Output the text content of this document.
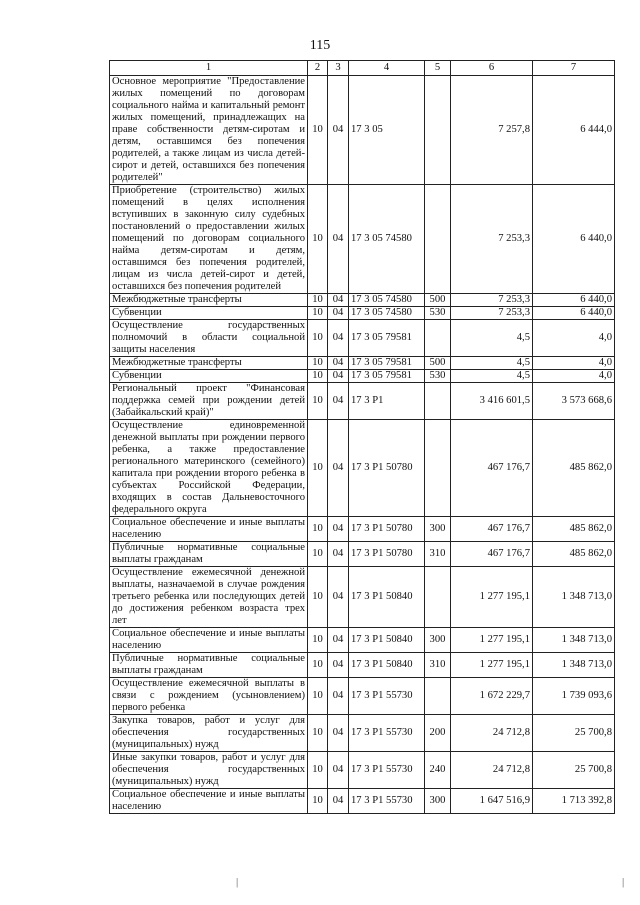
115
1	2	3	4	5	6	7
Основное мероприятие "Предоставление жилых помещений по договорам социального найма и капитальный ремонт жилых помещений, принадлежащих на праве собственности детям-сиротам и детям, оставшимся без попечения родителей, а также лицам из числа детей-сирот и детей, оставшихся без попечения родителей"	10	04	17 3 05		7 257,8	6 444,0
Приобретение (строительство) жилых помещений в целях исполнения вступивших в законную силу судебных постановлений о предоставлении жилых помещений по договорам социального найма детям-сиротам и детям, оставшимся без попечения родителей, лицам из числа детей-сирот и детей, оставшихся без попечения родителей	10	04	17 3 05 74580		7 253,3	6 440,0
Межбюджетные трансферты	10	04	17 3 05 74580	500	7 253,3	6 440,0
Субвенции	10	04	17 3 05 74580	530	7 253,3	6 440,0
Осуществление государственных полномочий в области социальной защиты населения	10	04	17 3 05 79581		4,5	4,0
Межбюджетные трансферты	10	04	17 3 05 79581	500	4,5	4,0
Субвенции	10	04	17 3 05 79581	530	4,5	4,0
Региональный проект "Финансовая поддержка семей при рождении детей (Забайкальский край)"	10	04	17 3 P1		3 416 601,5	3 573 668,6
Осуществление единовременной денежной выплаты при рождении первого ребенка, а также предоставление регионального материнского (семейного) капитала при рождении второго ребенка в субъектах Российской Федерации, входящих в состав Дальневосточного федерального округа	10	04	17 3 P1 50780		467 176,7	485 862,0
Социальное обеспечение и иные выплаты населению	10	04	17 3 P1 50780	300	467 176,7	485 862,0
Публичные нормативные социальные выплаты гражданам	10	04	17 3 P1 50780	310	467 176,7	485 862,0
Осуществление ежемесячной денежной выплаты, назначаемой в случае рождения третьего ребенка или последующих детей до достижения ребенком возраста трех лет	10	04	17 3 P1 50840		1 277 195,1	1 348 713,0
Социальное обеспечение и иные выплаты населению	10	04	17 3 P1 50840	300	1 277 195,1	1 348 713,0
Публичные нормативные социальные выплаты гражданам	10	04	17 3 P1 50840	310	1 277 195,1	1 348 713,0
Осуществление ежемесячной выплаты в связи с рождением (усыновлением) первого ребенка	10	04	17 3 P1 55730		1 672 229,7	1 739 093,6
Закупка товаров, работ и услуг для обеспечения государственных (муниципальных) нужд	10	04	17 3 P1 55730	200	24 712,8	25 700,8
Иные закупки товаров, работ и услуг для обеспечения государственных (муниципальных) нужд	10	04	17 3 P1 55730	240	24 712,8	25 700,8
Социальное обеспечение и иные выплаты населению	10	04	17 3 P1 55730	300	1 647 516,9	1 713 392,8
|
|
